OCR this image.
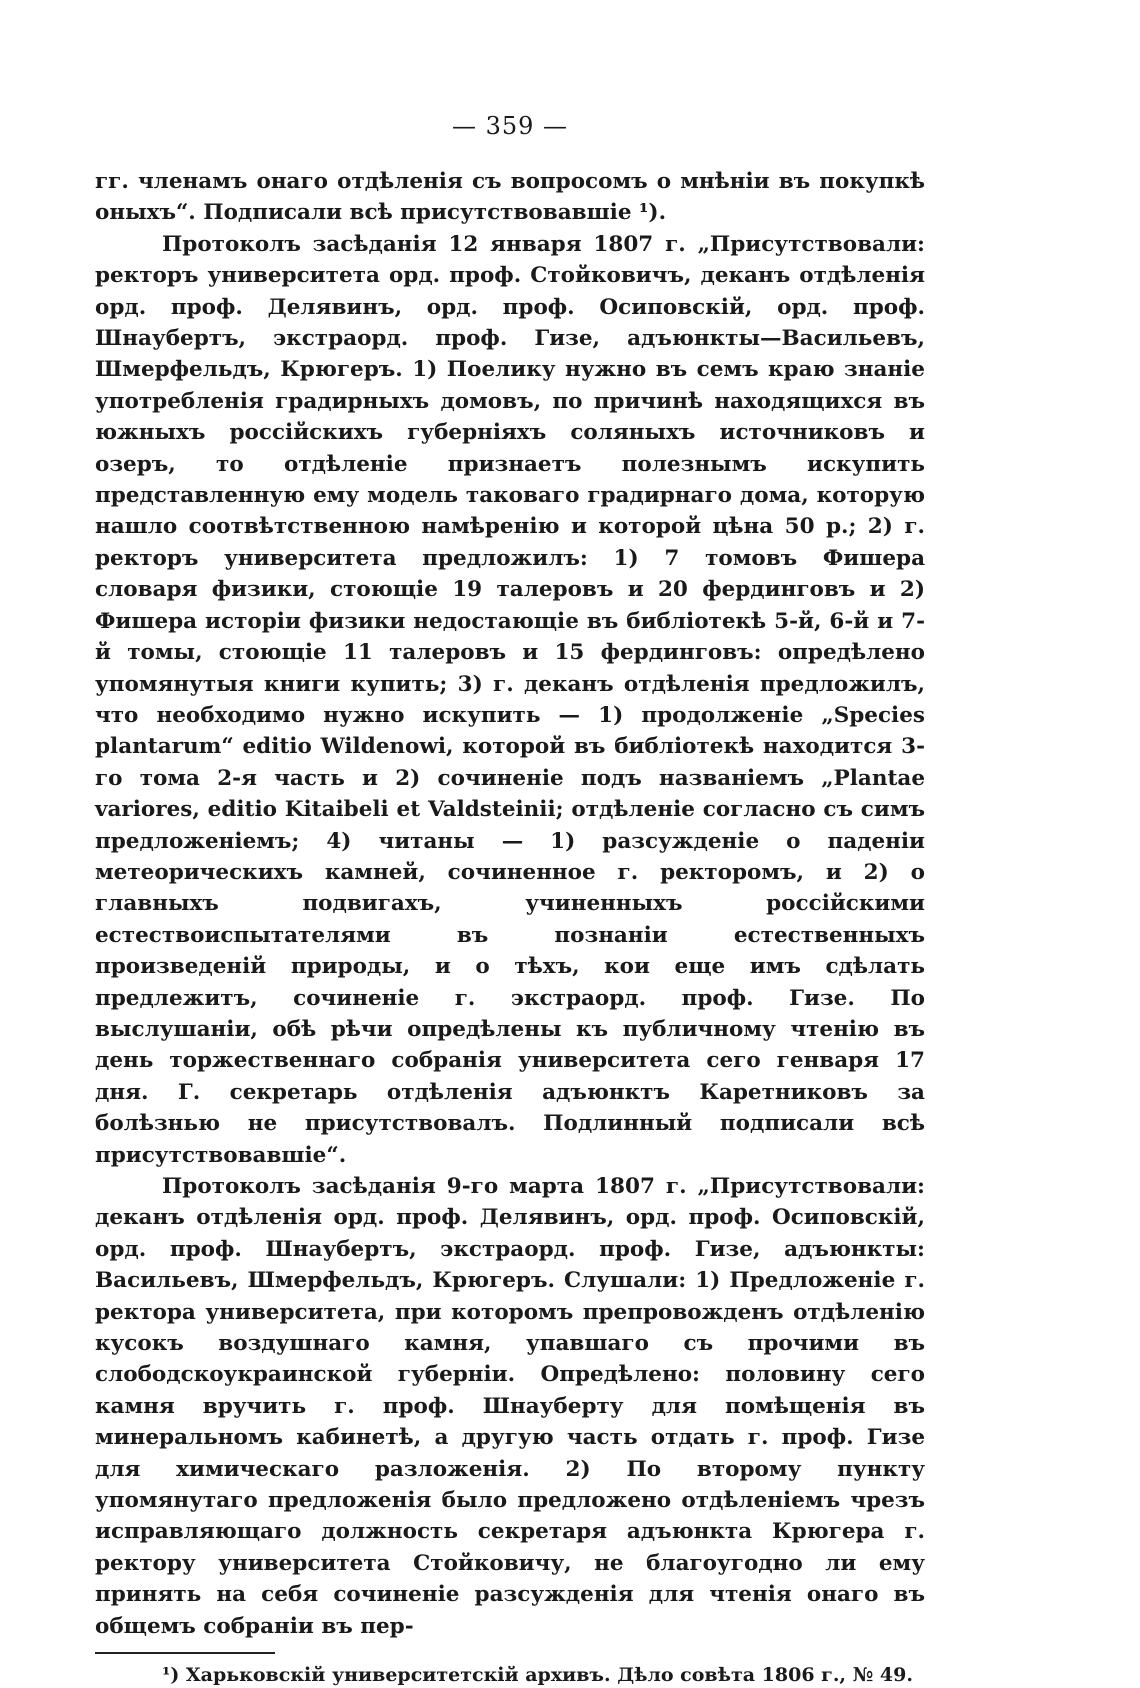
— 359 —

гг. членамъ онаго отдѣленія съ вопросомъ о мнѣніи въ покупкѣ оныхъ“. Подписали всѣ присутствовавшіе ¹).

Протоколъ засѣданія 12 января 1807 г. „Присутствовали: ректоръ университета орд. проф. Стойковичъ, деканъ отдѣленія орд. проф. Делявинъ, орд. проф. Осиповскій, орд. проф. Шнаубертъ, экстраорд. проф. Гизе, адъюнкты—Васильевъ, Шмерфельдъ, Крюгеръ. 1) Поелику нужно въ семъ краю знаніе употребленія градирныхъ домовъ, по причинѣ находящихся въ южныхъ россійскихъ губерніяхъ соляныхъ источниковъ и озеръ, то отдѣленіе признаетъ полезнымъ искупить представленную ему модель таковаго градирнаго дома, которую нашло соотвѣтственною намѣренію и которой цѣна 50 р.; 2) г. ректоръ университета предложилъ: 1) 7 томовъ Фишера словаря физики, стоющіе 19 талеровъ и 20 фердинговъ и 2) Фишера исторіи физики недостающіе въ библіотекѣ 5-й, 6-й и 7-й томы, стоющіе 11 талеровъ и 15 фердинговъ: опредѣлено упомянутыя книги купить; 3) г. деканъ отдѣленія предложилъ, что необходимо нужно искупить — 1) продолженіе „Species plantarum“ editio Wildenowi, которой въ библіотекѣ находится 3-го тома 2-я часть и 2) сочиненіе подъ названіемъ „Plantae variores, editio Kitaibeli et Valdsteinii; отдѣленіе согласно съ симъ предложеніемъ; 4) читаны — 1) разсужденіе о паденіи метеорическихъ камней, сочиненное г. ректоромъ, и 2) о главныхъ подвигахъ, учиненныхъ россійскими естествоиспытателями въ познаніи естественныхъ произведеній природы, и о тѣхъ, кои еще имъ сдѣлать предлежитъ, сочиненіе г. экстраорд. проф. Гизе. По выслушаніи, обѣ рѣчи опредѣлены къ публичному чтенію въ день торжественнаго собранія университета сего генваря 17 дня. Г. секретарь отдѣленія адъюнктъ Каретниковъ за болѣзнью не присутствовалъ. Подлинный подписали всѣ присутствовавшіе“.

Протоколъ засѣданія 9-го марта 1807 г. „Присутствовали: деканъ отдѣленія орд. проф. Делявинъ, орд. проф. Осиповскій, орд. проф. Шнаубертъ, экстраорд. проф. Гизе, адъюнкты: Васильевъ, Шмерфельдъ, Крюгеръ. Слушали: 1) Предложеніе г. ректора университета, при которомъ препровожденъ отдѣленію кусокъ воздушнаго камня, упавшаго съ прочими въ слободскоукраинской губерніи. Опредѣлено: половину сего камня вручить г. проф. Шнауберту для помѣщенія въ минеральномъ кабинетѣ, а другую часть отдать г. проф. Гизе для химическаго разложенія. 2) По второму пункту упомянутаго предложенія было предложено отдѣленіемъ чрезъ исправляющаго должность секретаря адъюнкта Крюгера г. ректору университета Стойковичу, не благоугодно ли ему принять на себя сочиненіе разсужденія для чтенія онаго въ общемъ собраніи въ пер-

¹) Харьковскій университетскій архивъ. Дѣло совѣта 1806 г., № 49.
